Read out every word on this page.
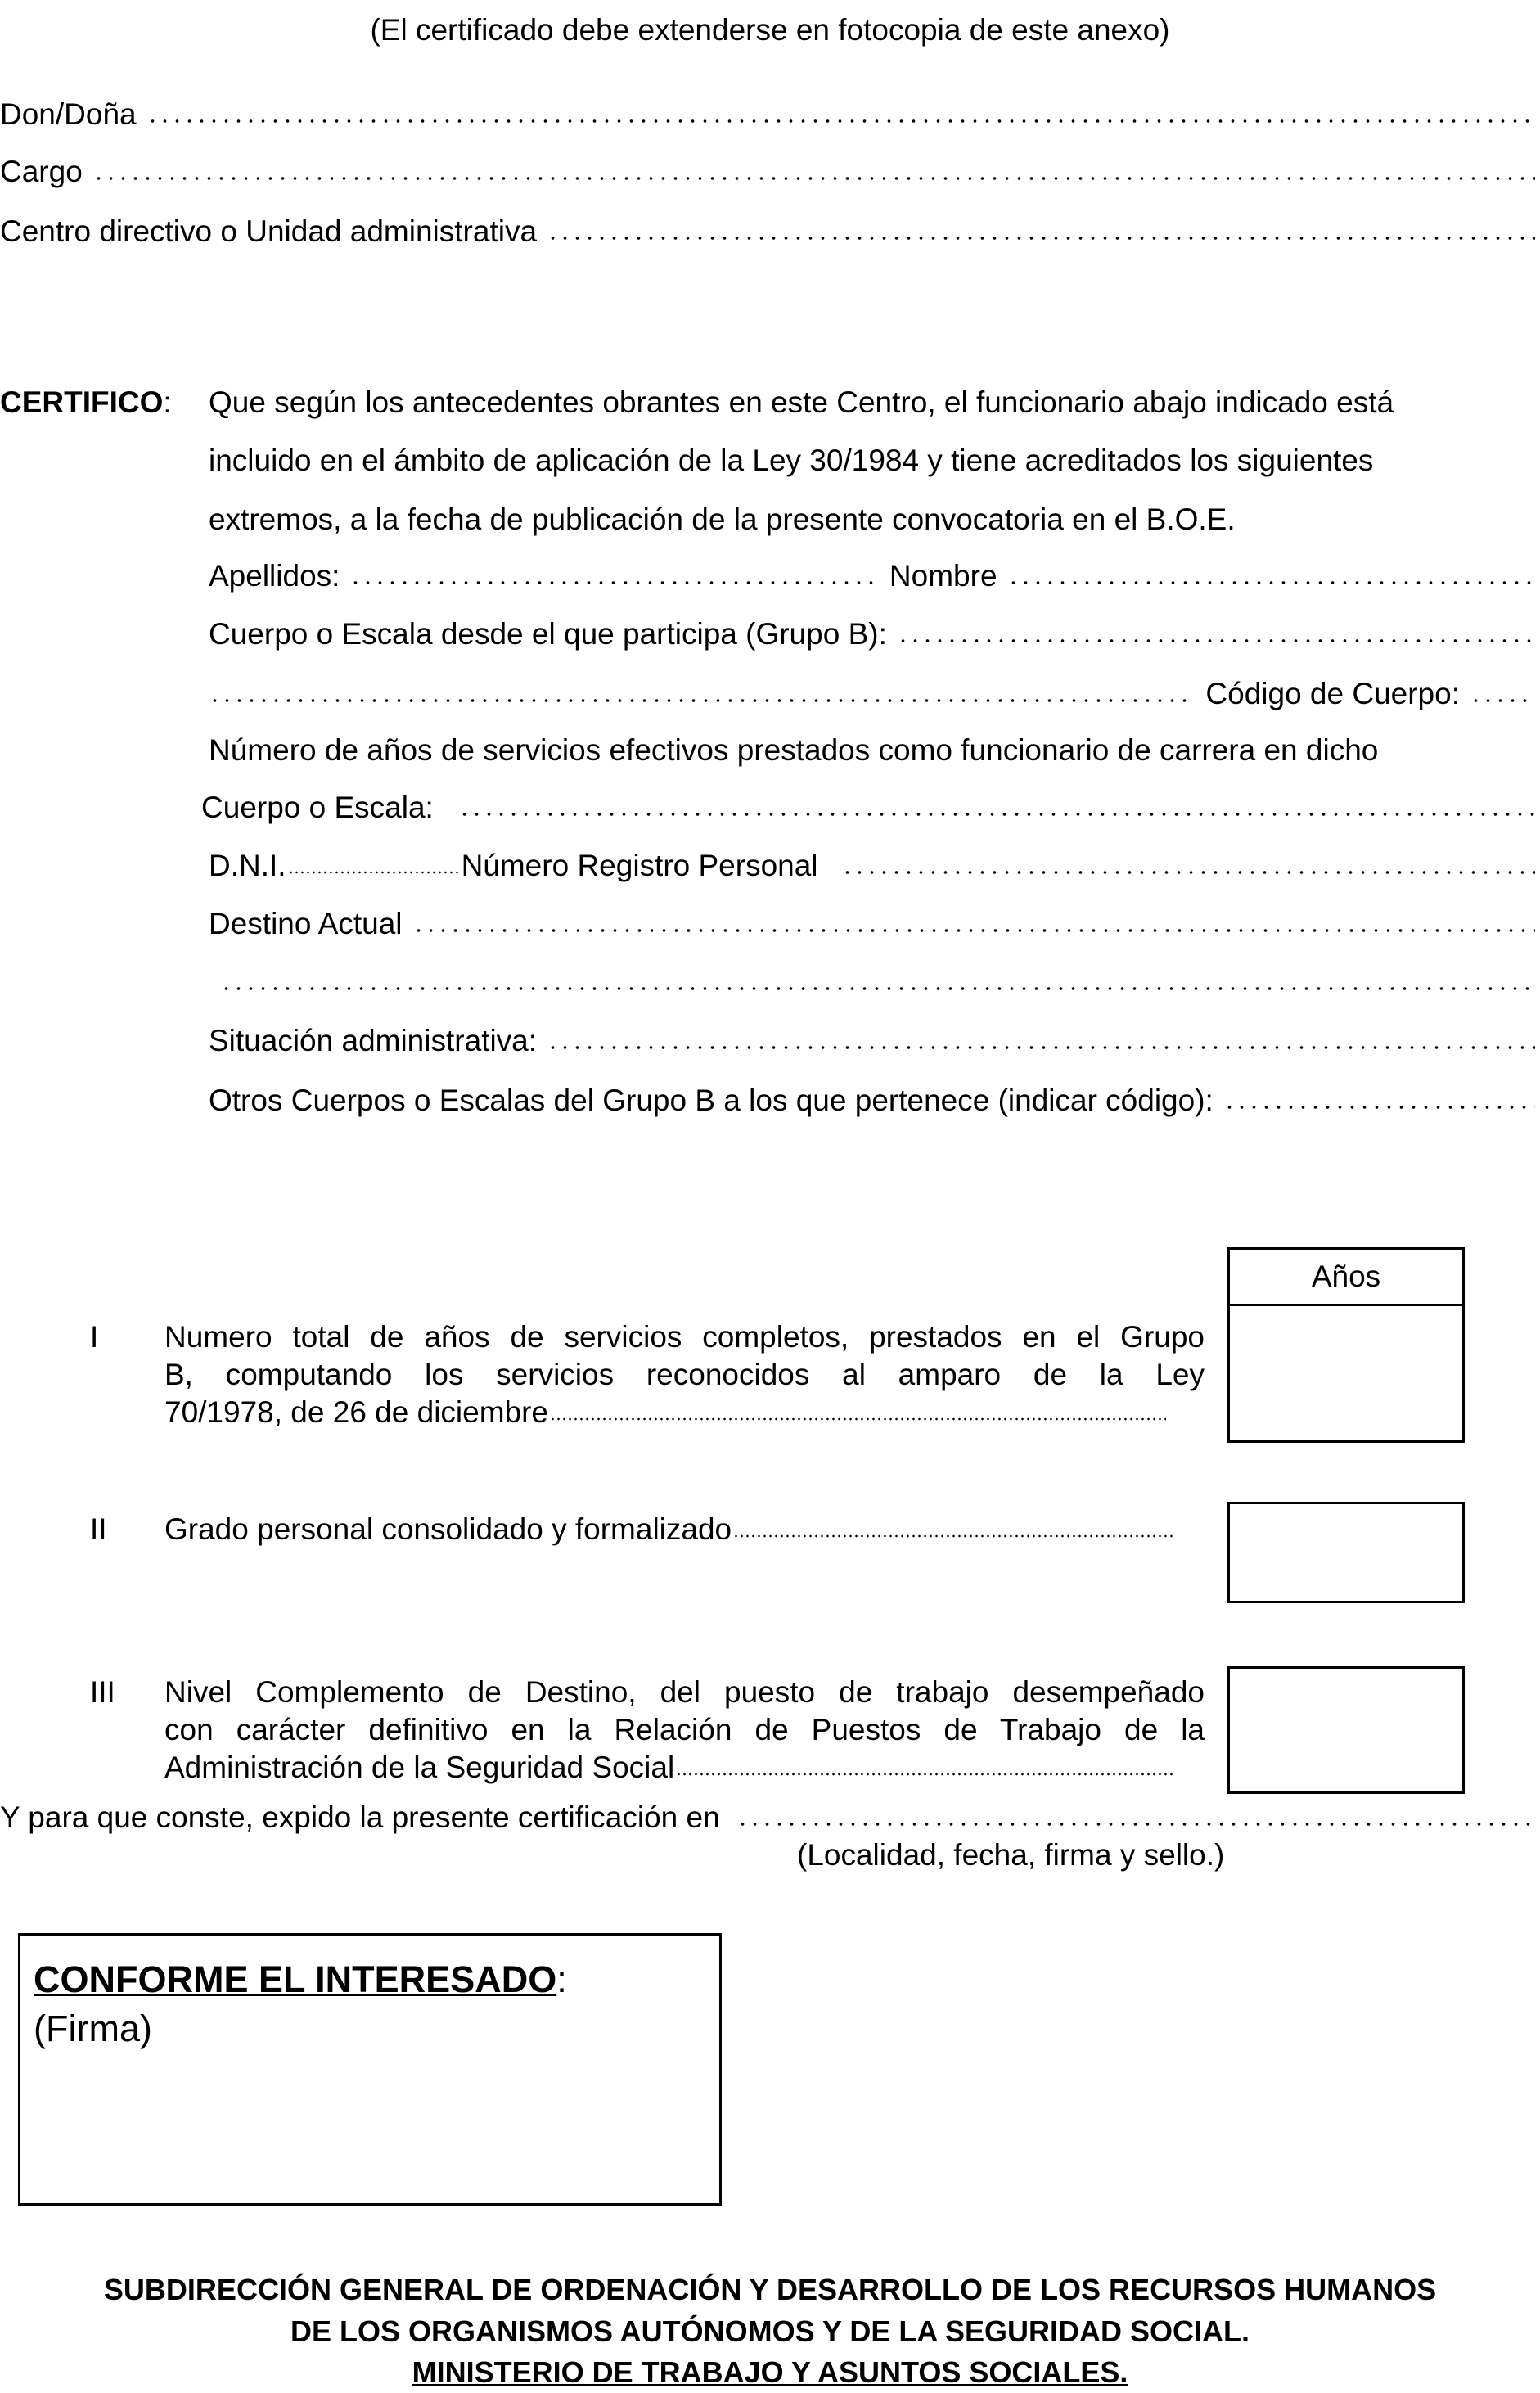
(El certificado debe extenderse en fotocopia de este anexo)
Don/Doña
Cargo
Centro directivo o Unidad administrativa
CERTIFICO : Que según los antecedentes obrantes en este Centro, el funcionario abajo indicado está
incluido en el ámbito de aplicación de la Ley 30/1984 y tiene acreditados los siguientes
extremos, a la fecha de publicación de la presente convocatoria en el B.O.E.
Apellidos:	Nombre
Cuerpo o Escala desde el que participa (Grupo B):
Código de Cuerpo:
Número de años de servicios efectivos prestados como funcionario de carrera en dicho
Cuerpo o Escala:
D.N.I.	Número Registro Personal
Destino Actual
Situación administrativa:
Otros Cuerpos o Escalas del Grupo B a los que pertenece (indicar código):
Años
I Numero total de años de servicios completos, prestados en el Grupo
B, computando los servicios reconocidos al amparo de la Ley
70/1978, de 26 de diciembre
II Grado personal consolidado y formalizado
III Nivel Complemento de Destino, del puesto de trabajo desempeñado
con carácter definitivo en la Relación de Puestos de Trabajo de la
Administración de la Seguridad Social
Y para que conste, expido la presente certificación en
(Localidad, fecha, firma y sello.)
CONFORME EL INTERESADO:
(Firma)
SUBDIRECCIÓN GENERAL DE ORDENACIÓN Y DESARROLLO DE LOS RECURSOS HUMANOS
DE LOS ORGANISMOS AUTÓNOMOS Y DE LA SEGURIDAD SOCIAL.
MINISTERIO DE TRABAJO Y ASUNTOS SOCIALES.
